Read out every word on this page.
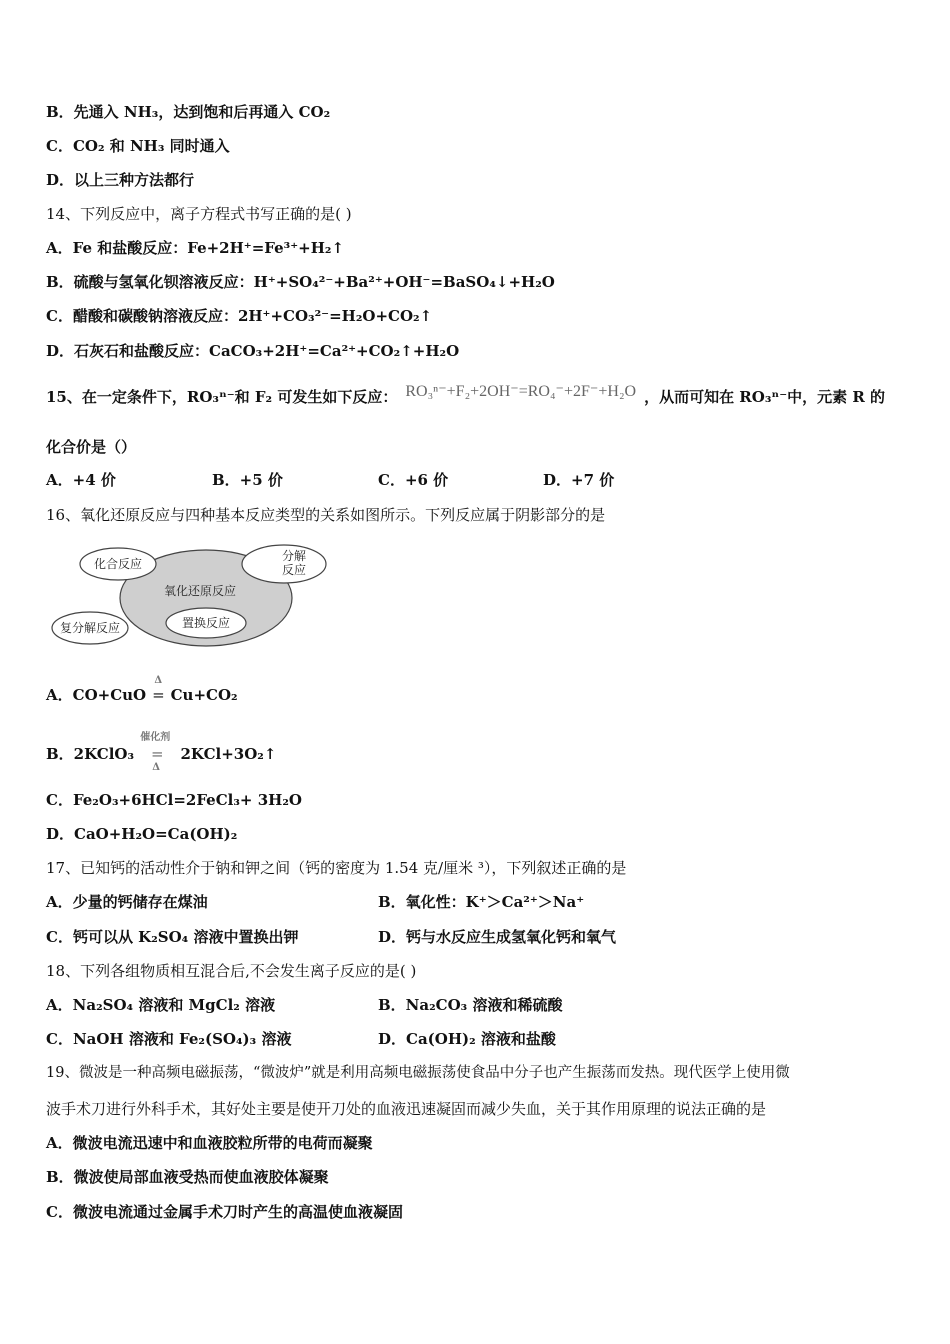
B．先通入 NH₃，达到饱和后再通入 CO₂
C．CO₂ 和 NH₃ 同时通入
D．以上三种方法都行
14、下列反应中，离子方程式书写正确的是( )
A．Fe 和盐酸反应：Fe+2H⁺=Fe³⁺+H₂↑
B．硫酸与氢氧化钡溶液反应：H⁺+SO₄²⁻+Ba²⁺+OH⁻=BaSO₄↓+H₂O
C．醋酸和碳酸钠溶液反应：2H⁺+CO₃²⁻=H₂O+CO₂↑
D．石灰石和盐酸反应：CaCO₃+2H⁺=Ca²⁺+CO₂↑+H₂O
15、在一定条件下，RO₃ⁿ⁻和 F₂ 可发生如下反应： RO₃ⁿ⁻+F₂+2OH⁻=RO₄⁻+2F⁻+H₂O ，从而可知在 RO₃ⁿ⁻中，元素 R 的
化合价是（）
A．+4 价	B．+5 价	C．+6 价	D．+7 价
16、氧化还原反应与四种基本反应类型的关系如图所示。下列反应属于阴影部分的是
化合反应
氧化还原反应
分解
反应
复分解反应	置换反应
A．CO+CuO
Δ
= Cu+CO₂
B．2KClO₃
催化剂
=
Δ
2KCl+3O₂↑
C．Fe₂O₃+6HCl=2FeCl₃+ 3H₂O
D．CaO+H₂O=Ca(OH)₂
17、已知钙的活动性介于钠和钾之间（钙的密度为 1.54 克/厘米 ³），下列叙述正确的是
A．少量的钙储存在煤油	B．氧化性：K⁺＞Ca²⁺＞Na⁺
C．钙可以从 K₂SO₄ 溶液中置换出钾	D．钙与水反应生成氢氧化钙和氧气
18、下列各组物质相互混合后,不会发生离子反应的是( )
A．Na₂SO₄ 溶液和 MgCl₂ 溶液	B．Na₂CO₃ 溶液和稀硫酸
C．NaOH 溶液和 Fe₂(SO₄)₃ 溶液	D．Ca(OH)₂ 溶液和盐酸
19、微波是一种高频电磁振荡，“微波炉”就是利用高频电磁振荡使食品中分子也产生振荡而发热。现代医学上使用微
波手术刀进行外科手术，其好处主要是使开刀处的血液迅速凝固而减少失血，关于其作用原理的说法正确的是
A．微波电流迅速中和血液胶粒所带的电荷而凝聚
B．微波使局部血液受热而使血液胶体凝聚
C．微波电流通过金属手术刀时产生的高温使血液凝固
